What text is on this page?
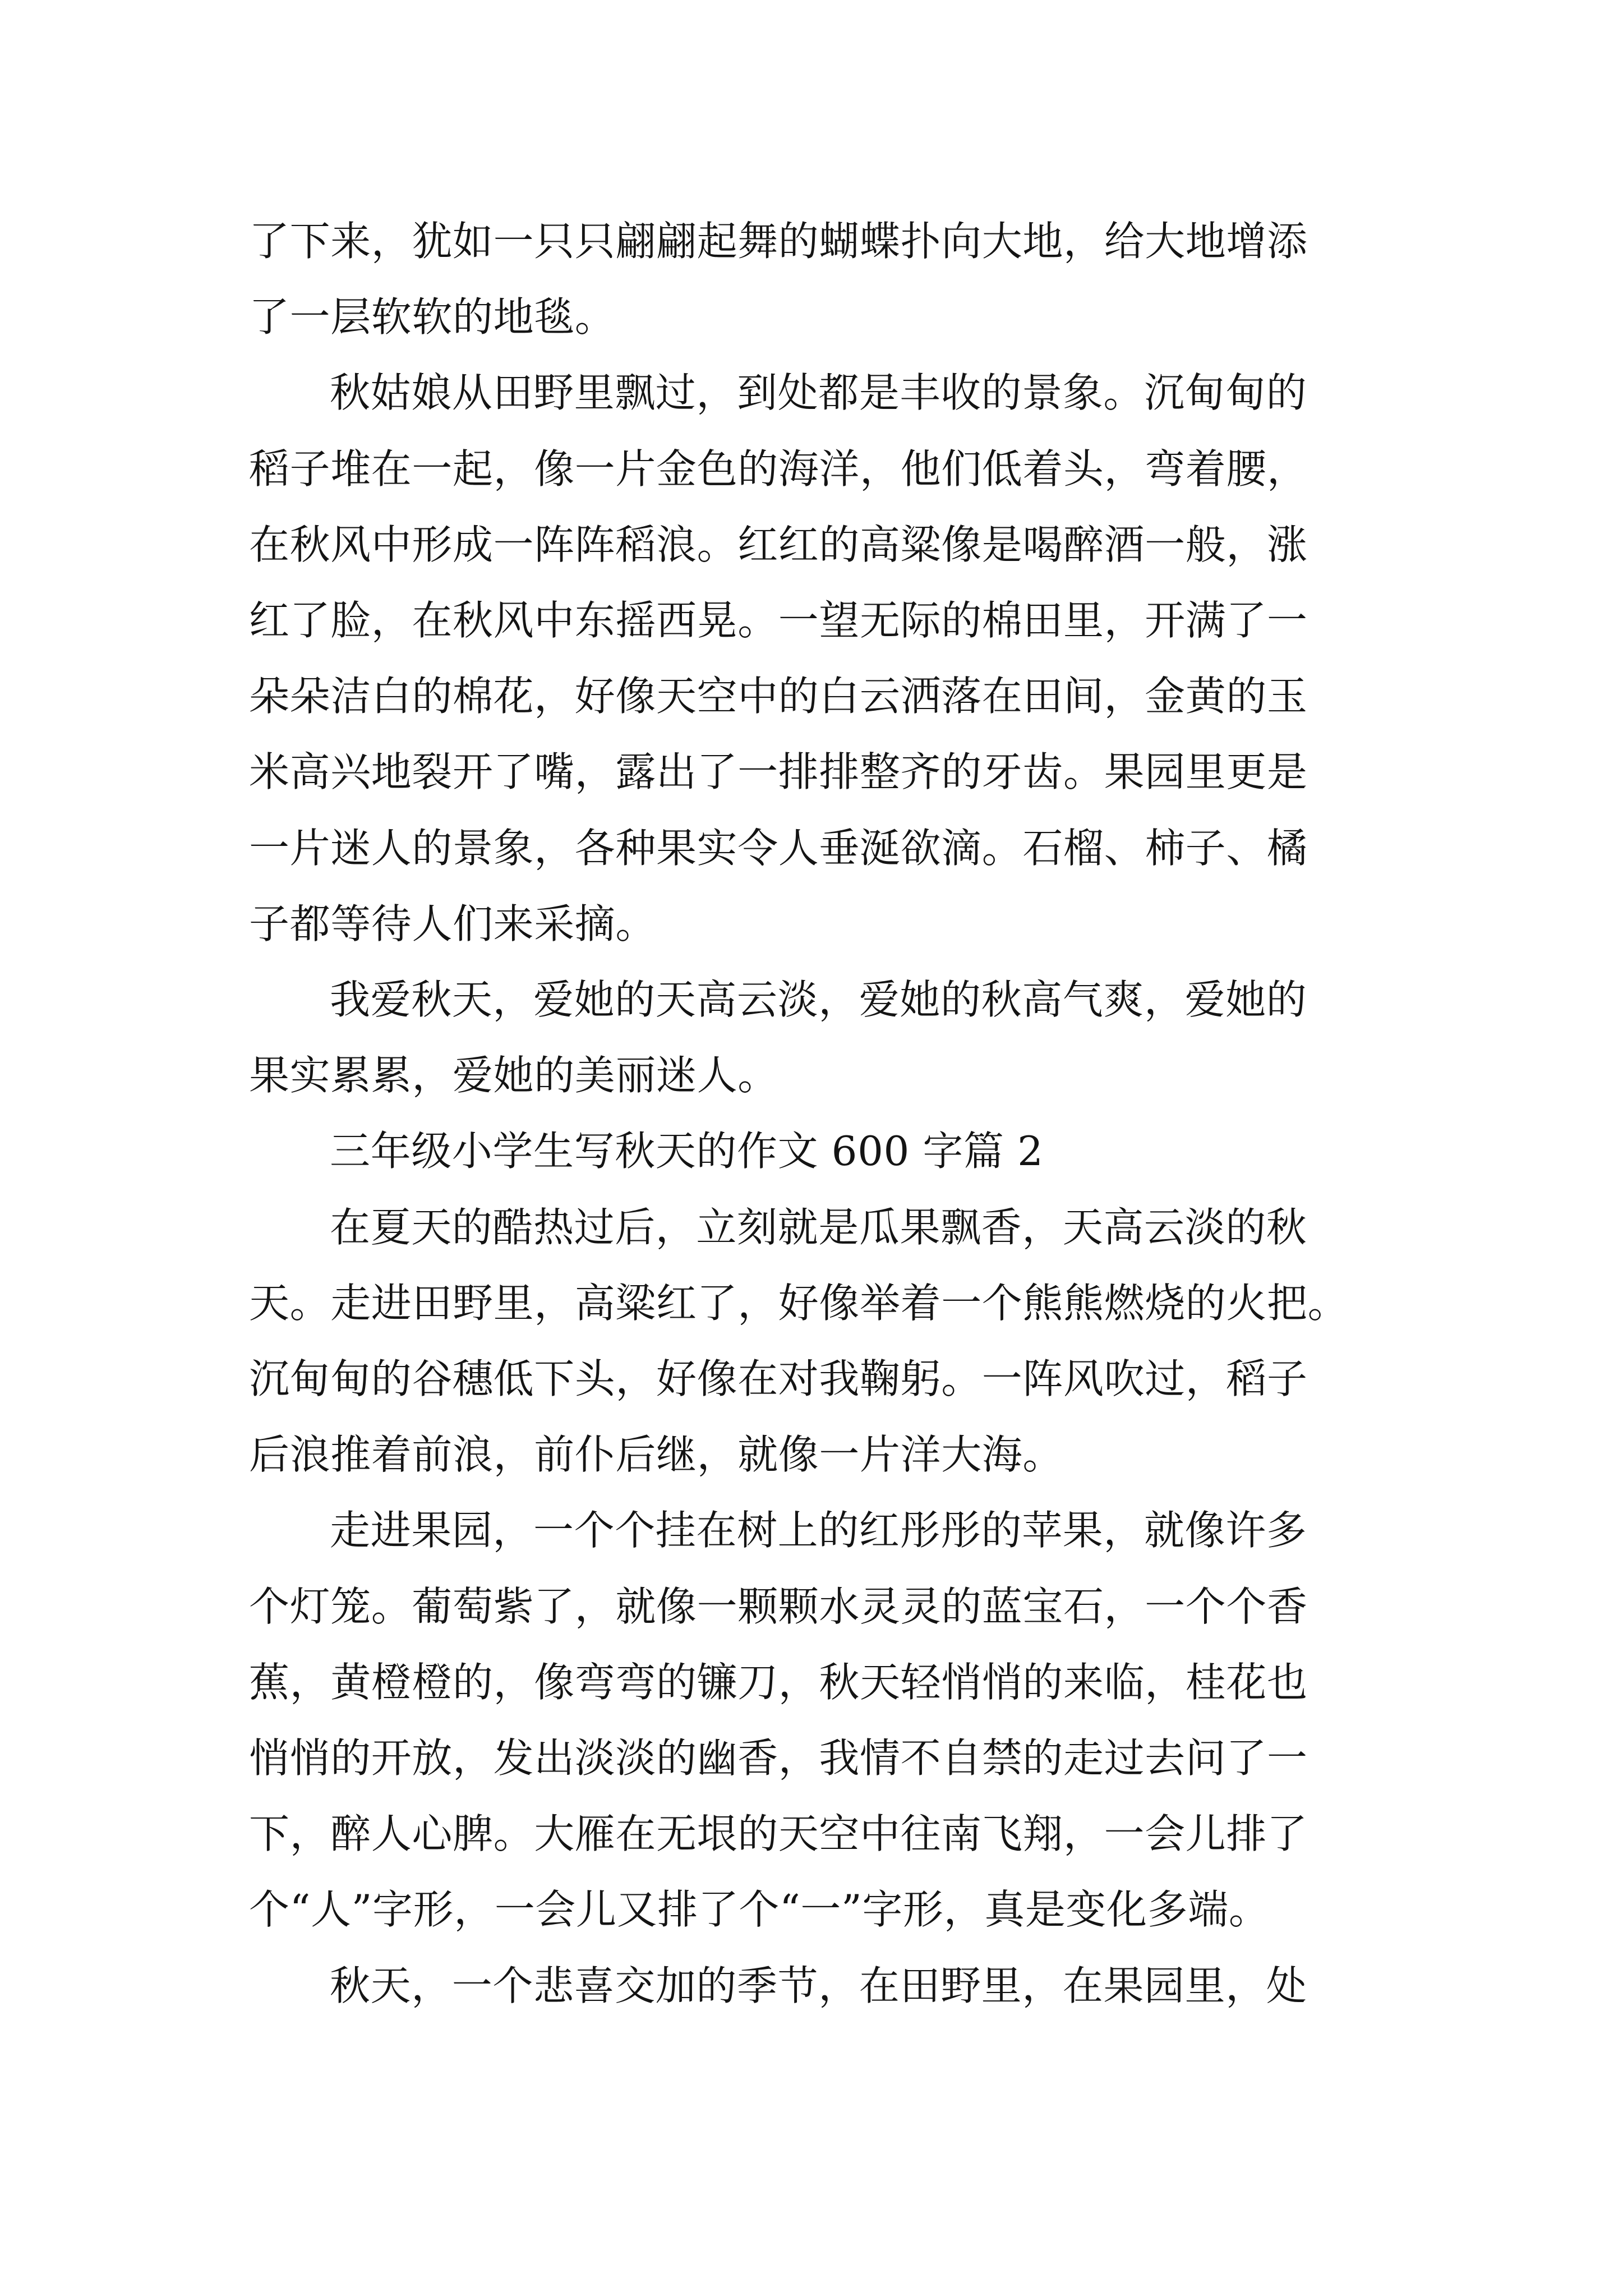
了下来，犹如一只只翩翩起舞的蝴蝶扑向大地，给大地增添
了一层软软的地毯。

秋姑娘从田野里飘过，到处都是丰收的景象。沉甸甸的
稻子堆在一起，像一片金色的海洋，他们低着头，弯着腰，
在秋风中形成一阵阵稻浪。红红的高粱像是喝醉酒一般，涨
红了脸，在秋风中东摇西晃。一望无际的棉田里，开满了一
朵朵洁白的棉花，好像天空中的白云洒落在田间，金黄的玉
米高兴地裂开了嘴，露出了一排排整齐的牙齿。果园里更是
一片迷人的景象，各种果实令人垂涎欲滴。石榴、柿子、橘
子都等待人们来采摘。

我爱秋天，爱她的天高云淡，爱她的秋高气爽，爱她的
果实累累，爱她的美丽迷人。

三年级小学生写秋天的作文 600 字篇 2

在夏天的酷热过后，立刻就是瓜果飘香，天高云淡的秋
天。走进田野里，高粱红了，好像举着一个熊熊燃烧的火把。
沉甸甸的谷穗低下头，好像在对我鞠躬。一阵风吹过，稻子
后浪推着前浪，前仆后继，就像一片洋大海。

走进果园，一个个挂在树上的红彤彤的苹果，就像许多
个灯笼。葡萄紫了，就像一颗颗水灵灵的蓝宝石，一个个香
蕉，黄橙橙的，像弯弯的镰刀，秋天轻悄悄的来临，桂花也
悄悄的开放，发出淡淡的幽香，我情不自禁的走过去问了一
下，醉人心脾。大雁在无垠的天空中往南飞翔，一会儿排了
个“人”字形，一会儿又排了个“一”字形，真是变化多端。

秋天，一个悲喜交加的季节，在田野里，在果园里，处
